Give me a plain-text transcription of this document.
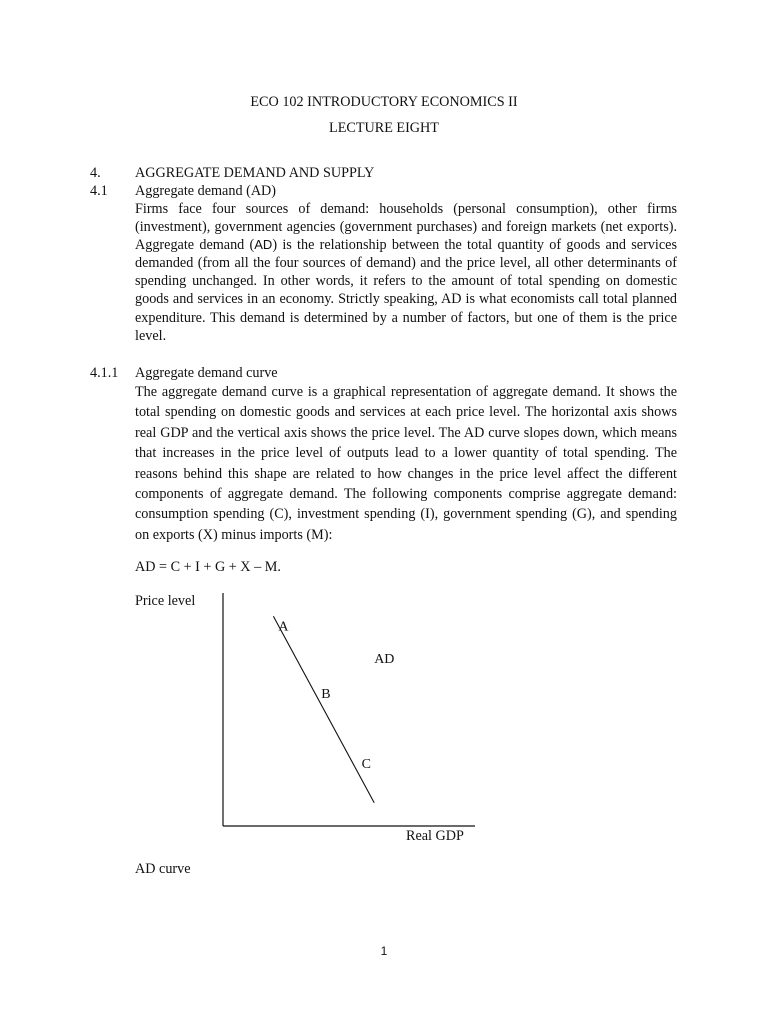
ECO 102 INTRODUCTORY ECONOMICS II
LECTURE EIGHT
4. AGGREGATE DEMAND AND SUPPLY
4.1 Aggregate demand (AD)
Firms face four sources of demand: households (personal consumption), other firms (investment), government agencies (government purchases) and foreign markets (net exports). Aggregate demand (AD) is the relationship between the total quantity of goods and services demanded (from all the four sources of demand) and the price level, all other determinants of spending unchanged. In other words, it refers to the amount of total spending on domestic goods and services in an economy. Strictly speaking, AD is what economists call total planned expenditure. This demand is determined by a number of factors, but one of them is the price level.
4.1.1 Aggregate demand curve
The aggregate demand curve is a graphical representation of aggregate demand. It shows the total spending on domestic goods and services at each price level. The horizontal axis shows real GDP and the vertical axis shows the price level. The AD curve slopes down, which means that increases in the price level of outputs lead to a lower quantity of total spending. The reasons behind this shape are related to how changes in the price level affect the different components of aggregate demand. The following components comprise aggregate demand: consumption spending (C), investment spending (I), government spending (G), and spending on exports (X) minus imports (M):
AD = C + I + G + X – M.
Price level
A
B
C
AD
Real GDP
AD curve
1
